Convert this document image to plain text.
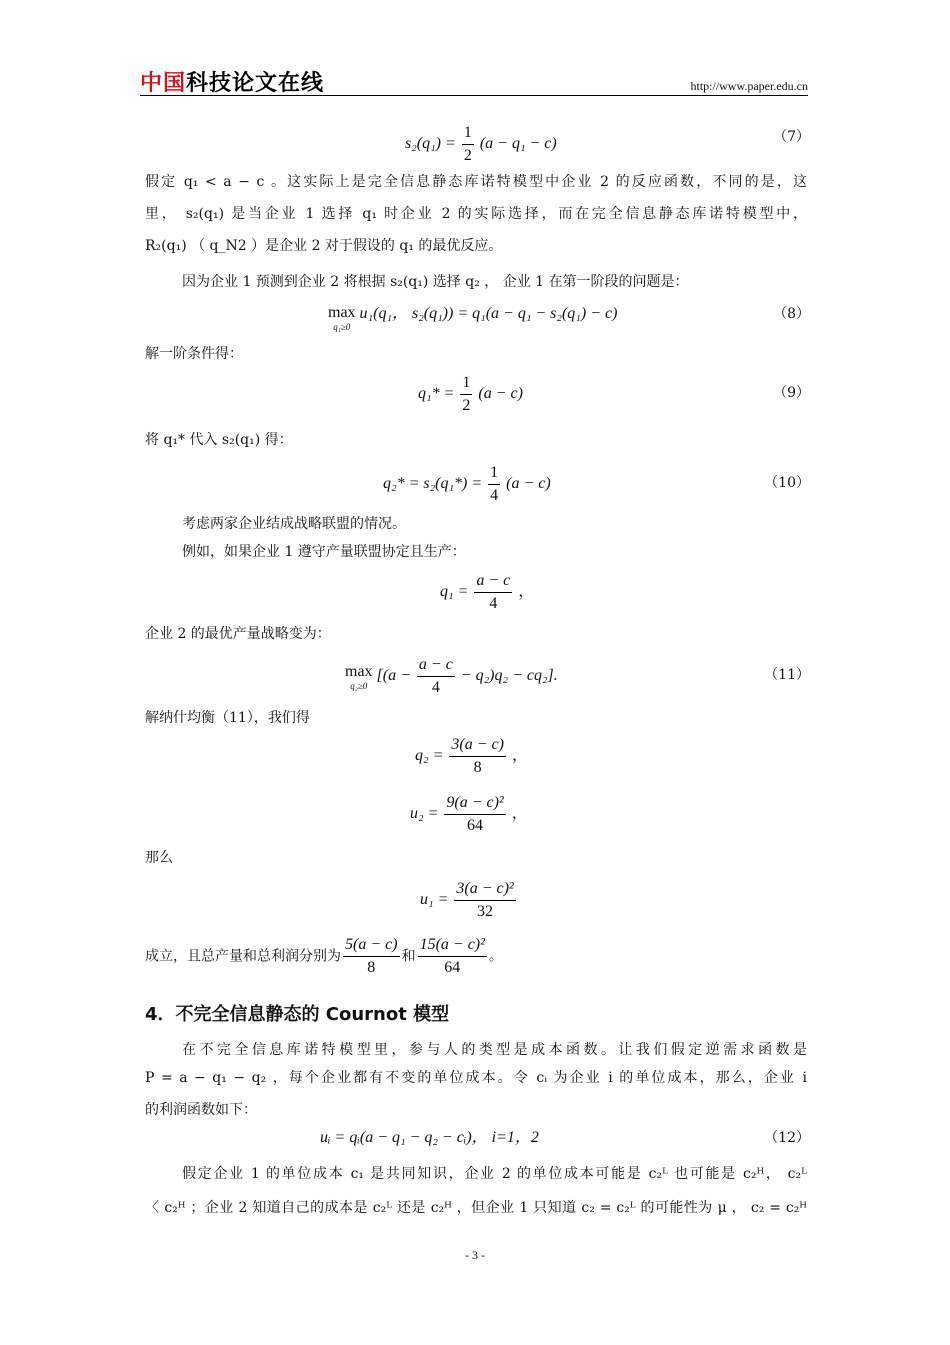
中国科技论文在线	http://www.paper.edu.cn
$s_2(q_1) = \frac{1}{2} (a - q_1 - c)$	（7）
假定 q₁ < a − c 。这实际上是完全信息静态库诺特模型中企业 2 的反应函数，不同的是，这
里， s₂(q₁) 是当企业 1 选择 q₁ 时企业 2 的实际选择，而在完全信息静态库诺特模型中，
R₂(q₁) （ q_N2 ）是企业 2 对于假设的 q₁ 的最优反应。
因为企业 1 预测到企业 2 将根据 s₂(q₁) 选择 q₂ ， 企业 1 在第一阶段的问题是：
max
q₁≥0
u₁(q₁， s₂(q₁)) = q₁(a − q₁ − s₂(q₁) − c)	（8）
解一阶条件得：
$q_1* = \frac{1}{2} (a - c)$	（9）
将 q₁* 代入 s₂(q₁) 得：
$q_2* = s_2(q_1*) = \frac{1}{4} (a - c)$	（10）
考虑两家企业结成战略联盟的情况。
例如，如果企业 1 遵守产量联盟协定且生产：
$q_1 = \frac{a - c}{4}$ ，
企业 2 的最优产量战略变为：
max
q₂≥0
$[(a - \frac{a - c}{4} - q_2)q_2 - cq_2]$.	（11）
解纳什均衡（11），我们得
$q_2 = \frac{3(a - c)}{8}$ ，
$u_2 = \frac{\text{9(a − c)²}}{64}$ ，
那么
$u_1 = \frac{\text{3(a − c)²}}{32}$
成立，且总产量和总利润分别为 $\frac{5(a - c)}{8}$ 和 $\frac{\text{15(a − c)²}}{64}$ 。
4．不完全信息静态的 Cournot 模型
在不完全信息库诺特模型里，参与人的类型是成本函数。让我们假定逆需求函数是
P = a − q₁ − q₂ ，每个企业都有不变的单位成本。令 cᵢ 为企业 i 的单位成本，那么，企业 i
的利润函数如下：
uᵢ = qᵢ(a − q₁ − q₂ − cᵢ)， i=1，2	（12）
假定企业 1 的单位成本 c₁ 是共同知识，企业 2 的单位成本可能是 c₂ᴸ 也可能是 c₂ᴴ， c₂ᴸ
〈 c₂ᴴ ；企业 2 知道自己的成本是 c₂ᴸ 还是 c₂ᴴ ，但企业 1 只知道 c₂ = c₂ᴸ 的可能性为 μ ， c₂ = c₂ᴴ
- 3 -
